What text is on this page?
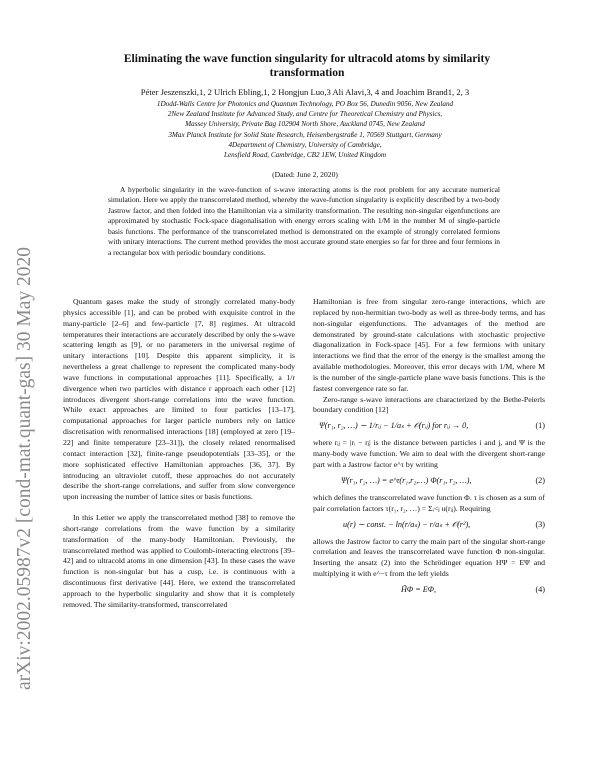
arXiv:2002.05987v2 [cond-mat.quant-gas] 30 May 2020
Eliminating the wave function singularity for ultracold atoms by similarity transformation
Péter Jeszenszki,1, 2 Ulrich Ebling,1, 2 Hongjun Luo,3 Ali Alavi,3, 4 and Joachim Brand1, 2, 3
1Dodd-Walls Centre for Photonics and Quantum Technology, PO Box 56, Dunedin 9056, New Zealand
2New Zealand Institute for Advanced Study, and Centre for Theoretical Chemistry and Physics,
Massey University, Private Bag 102904 North Shore, Auckland 0745, New Zealand
3Max Planck Institute for Solid State Research, Heisenbergstraße 1, 70569 Stuttgart, Germany
4Department of Chemistry, University of Cambridge,
Lensfield Road, Cambridge, CB2 1EW, United Kingdom
(Dated: June 2, 2020)
A hyperbolic singularity in the wave-function of s-wave interacting atoms is the root problem for any accurate numerical simulation. Here we apply the transcorrelated method, whereby the wave-function singularity is explicitly described by a two-body Jastrow factor, and then folded into the Hamiltonian via a similarity transformation. The resulting non-singular eigenfunctions are approximated by stochastic Fock-space diagonalisation with energy errors scaling with 1/M in the number M of single-particle basis functions. The performance of the transcorrelated method is demonstrated on the example of strongly correlated fermions with unitary interactions. The current method provides the most accurate ground state energies so far for three and four fermions in a rectangular box with periodic boundary conditions.

Quantum gases make the study of strongly correlated many-body physics accessible [1], and can be probed with exquisite control in the many-particle [2–6] and few-particle [7, 8] regimes. At ultracold temperatures their interactions are accurately described by only the s-wave scattering length as [9], or no parameters in the universal regime of unitary interactions [10]. Despite this apparent simplicity, it is nevertheless a great challenge to represent the complicated many-body wave functions in computational approaches [11]. Specifically, a 1/r divergence when two particles with distance r approach each other [12] introduces divergent short-range correlations into the wave function. While exact approaches are limited to four particles [13–17], computational approaches for larger particle numbers rely on lattice discretisation with renormalised interactions [18] (employed at zero [19–22] and finite temperature [23–31]), the closely related renormalised contact interaction [32], finite-range pseudopotentials [33–35], or the more sophisticated effective Hamiltonian approaches [36, 37]. By introducing an ultraviolet cutoff, these approaches do not accurately describe the short-range correlations, and suffer from slow convergence upon increasing the number of lattice sites or basis functions.

In this Letter we apply the transcorrelated method [38] to remove the short-range correlations from the wave function by a similarity transformation of the many-body Hamiltonian. Previously, the transcorrelated method was applied to Coulomb-interacting electrons [39–42] and to ultracold atoms in one dimension [43]. In these cases the wave function is non-singular but has a cusp, i.e. is continuous with a discontinuous first derivative [44]. Here, we extend the transcorrelated approach to the hyperbolic singularity and show that it is completely removed. The similarity-transformed, transcorrelated

Hamiltonian is free from singular zero-range interactions, which are replaced by non-hermitian two-body as well as three-body terms, and has non-singular eigenfunctions. The advantages of the method are demonstrated by ground-state calculations with stochastic projective diagonalization in Fock-space [45]. For a few fermions with unitary interactions we find that the error of the energy is the smallest among the available methodologies. Moreover, this error decays with 1/M, where M is the number of the single-particle plane wave basis functions. This is the fastest convergence rate so far.

Zero-range s-wave interactions are characterized by the Bethe-Peierls boundary condition [12]

Ψ(r₁, r₂, …) ∼ 1/rᵢⱼ − 1/aₛ + 𝒪(rᵢⱼ) for rᵢⱼ → 0,	(1)

where rᵢⱼ = |rᵢ − rⱼ| is the distance between particles i and j, and Ψ is the many-body wave function. We aim to deal with the divergent short-range part with a Jastrow factor e^τ by writing

Ψ(r₁, r₂, …) = e^τ(r₁,r₂,…) Φ(r₁, r₂, …),	(2)

which defines the transcorrelated wave function Φ. τ is chosen as a sum of pair correlation factors τ(r₁, r₂, …) = Σᵢ<ⱼ u(rᵢⱼ). Requiring

u(r) ∼ const. − ln(r/aₛ) − r/aₛ + 𝒪(r²),	(3)

allows the Jastrow factor to carry the main part of the singular short-range correlation and leaves the transcorrelated wave function Φ non-singular. Inserting the ansatz (2) into the Schrödinger equation HΨ = EΨ and multiplying it with e^−τ from the left yields

H̃Φ = EΦ,	(4)
